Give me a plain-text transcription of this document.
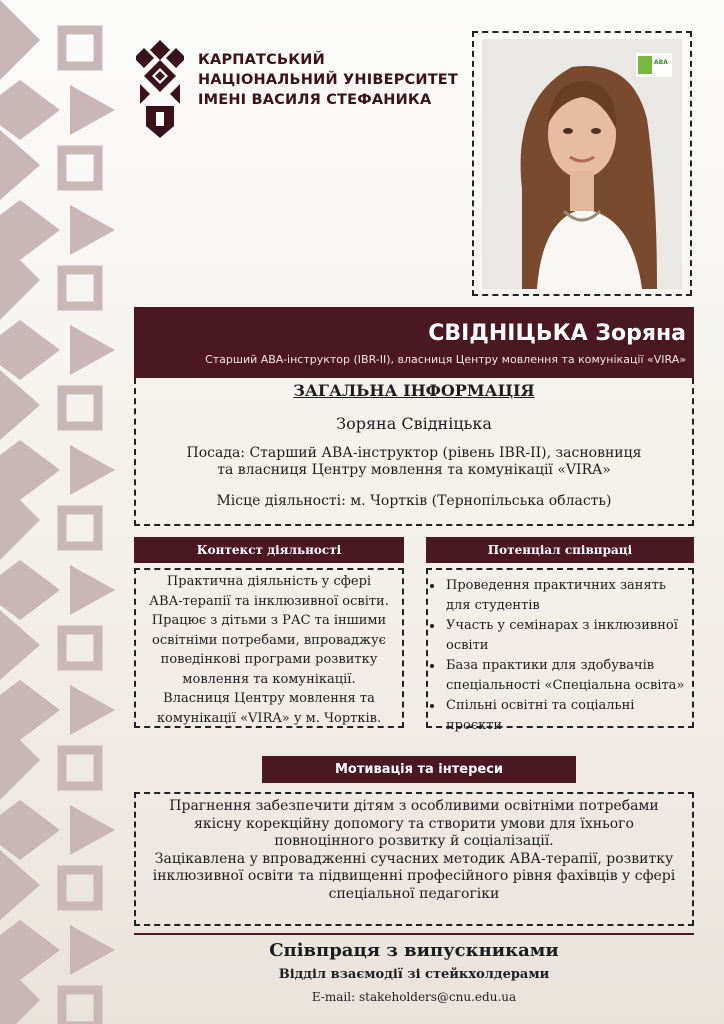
КАРПАТСЬКИЙ
НАЦІОНАЛЬНИЙ УНІВЕРСИТЕТ
ІМЕНІ ВАСИЛЯ СТЕФАНИКА
ABA
СВІДНІЦЬКА Зоряна
Старший ABA-інструктор (IBR-II), власниця Центру мовлення та комунікації «VIRA»
ЗАГАЛЬНА ІНФОРМАЦІЯ
Зоряна Свідніцька
Посада: Старший АВА-інструктор (рівень IBR-II), засновниця
та власниця Центру мовлення та комунікації «VIRA»
Місце діяльності: м. Чортків (Тернопільська область)
Контекст діяльності
Практична діяльність у сфері
АВА-терапії та інклюзивної освіти.
Працює з дітьми з РАС та іншими
освітніми потребами, впроваджує
поведінкові програми розвитку
мовлення та комунікації.
Власниця Центру мовлення та
комунікації «VIRA» у м. Чортків.
Потенціал співпраці
• Проведення практичних занять для студентів
• Участь у семінарах з інклюзивної освіти
• База практики для здобувачів спеціальності «Спеціальна освіта»
• Спільні освітні та соціальні проєкти
Мотивація та інтереси
Прагнення забезпечити дітям з особливими освітніми потребами
якісну корекційну допомогу та створити умови для їхнього
повноцінного розвитку й соціалізації.
Зацікавлена у впровадженні сучасних методик АВА-терапії, розвитку
інклюзивної освіти та підвищенні професійного рівня фахівців у сфері
спеціальної педагогіки
Співпраця з випускниками
Відділ взаємодії зі стейкхолдерами
E-mail: stakeholders@cnu.edu.ua
